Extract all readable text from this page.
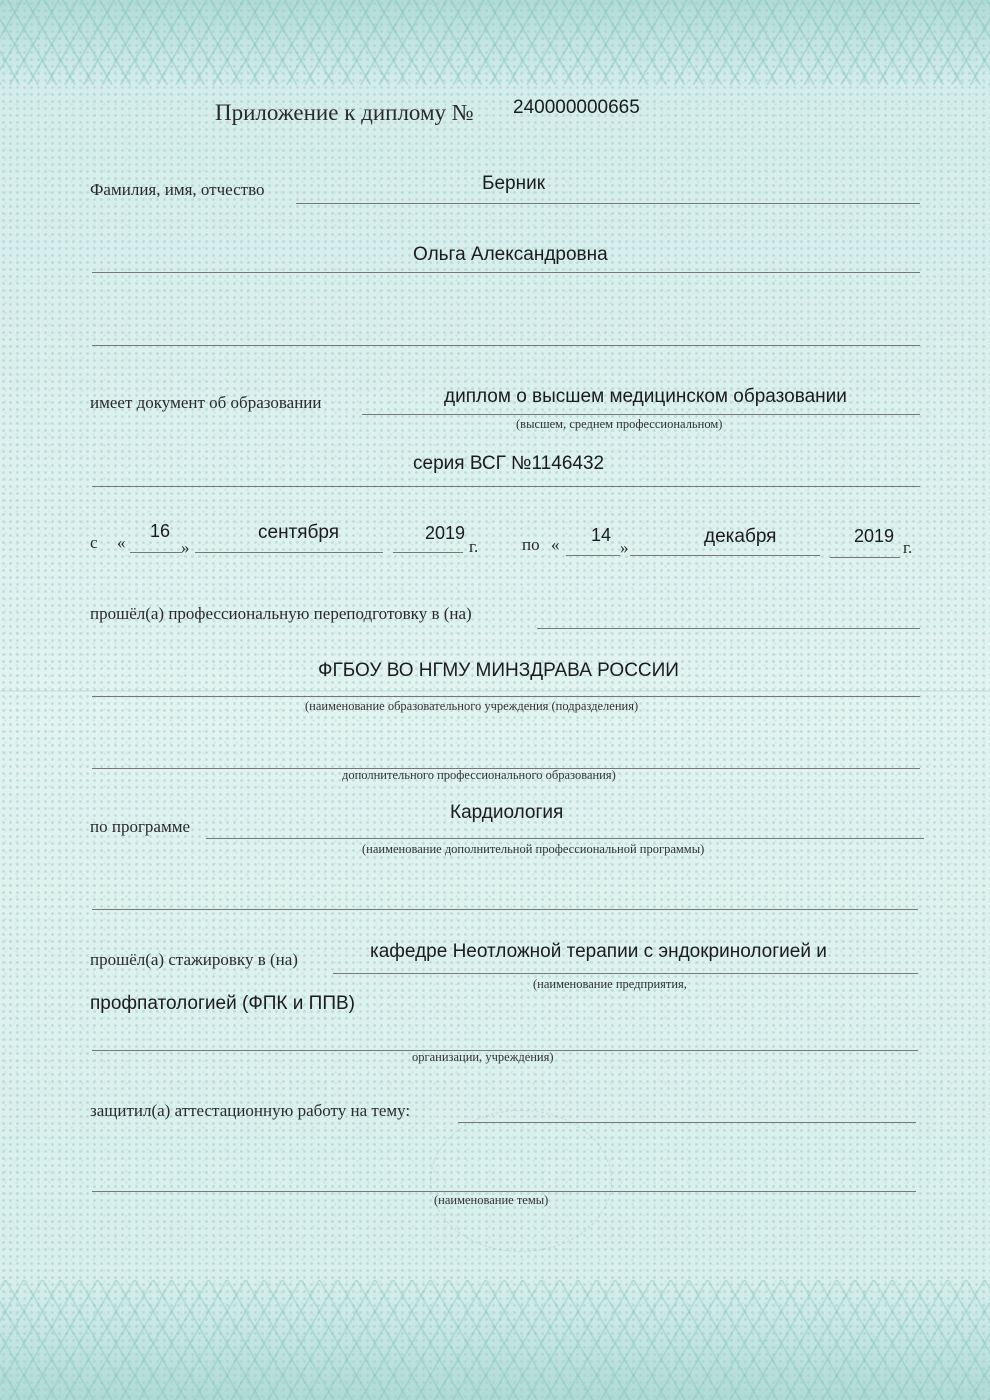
Приложение к диплому № 240000000665
Фамилия, имя, отчество	Берник
Ольга Александровна
имеет документ об образовании	диплом о высшем медицинском образовании
(высшем, среднем профессиональном)
серия ВСГ №1146432
с «
16
»
сентября	2019
г.	по « 14
»
декабря	2019
г.
прошёл(а) профессиональную переподготовку в (на)
ФГБОУ ВО НГМУ МИНЗДРАВА РОССИИ
(наименование образовательного учреждения (подразделения)
дополнительного профессионального образования)
по программе
Кардиология
(наименование дополнительной профессиональной программы)
прошёл(а) стажировку в (на)	кафедре Неотложной терапии с эндокринологией и
(наименование предприятия,
профпатологией (ФПК и ППВ)
организации, учреждения)
защитил(а) аттестационную работу на тему:
(наименование темы)
